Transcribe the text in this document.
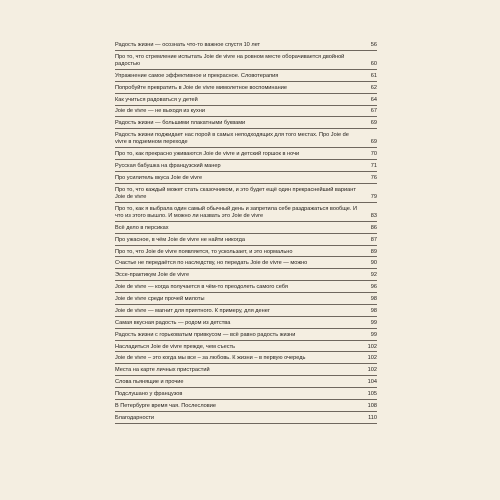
Радость жизни — осознать что-то важное спустя 10 лет	56
Про то, что стремление испытать Joie de vivre на ровном месте оборачивается двойной радостью	60
Упражнение самое эффективное и прекрасное. Словотерапия	61
Попробуйте превратить в Joie de vivre мимолетное воспоминание	62
Как учиться радоваться у детей	64
Joie de vivre — не выходя из кухни	67
Радость жизни — большими плакатными буквами	69
Радость жизни поджидает нас порой в самых неподходящих для того местах. Про Joie de vivre в подземном переходе	69
Про то, как прекрасно уживаются Joie de vivre и детский горшок в ночи	70
Русская бабушка на французский манер	71
Про усилитель вкуса Joie de vivre	76
Про то, что каждый может стать сказочником, и это будет ещё один прекраснейший вариант Joie de vivre	79
Про то, как я выбрала один самый обычный день и запретила себе раздражаться вообще. И что из этого вышло. И можно ли назвать это Joie de vivre	83
Всё дело в персиках	86
Про ужасное, в чём Joie de vivre не найти никогда	87
Про то, что Joie de vivre появляется, то ускользает, и это нормально	89
Счастье не передаётся по наследству, но передать Joie de vivre — можно	90
Эссе-практикум Joie de vivre	92
Joie de vivre — когда получается в чём-то преодолеть самого себя	96
Joie de vivre среди прочей милоты	98
Joie de vivre — магнит для приятного. К примеру, для денег	98
Самая вкусная радость — родом из детства	99
Радость жизни с горьковатым привкусом — всё равно радость жизни	99
Насладиться Joie de vivre прежде, чем съесть	102
Joie de vivre – это когда мы все – за любовь. К жизни – в первую очередь	102
Места на карте личных пристрастий	102
Слова пьянящие и прочие	104
Подслушано у французов	105
В Петербурге время чая. Послесловие	108
Благодарности	110
